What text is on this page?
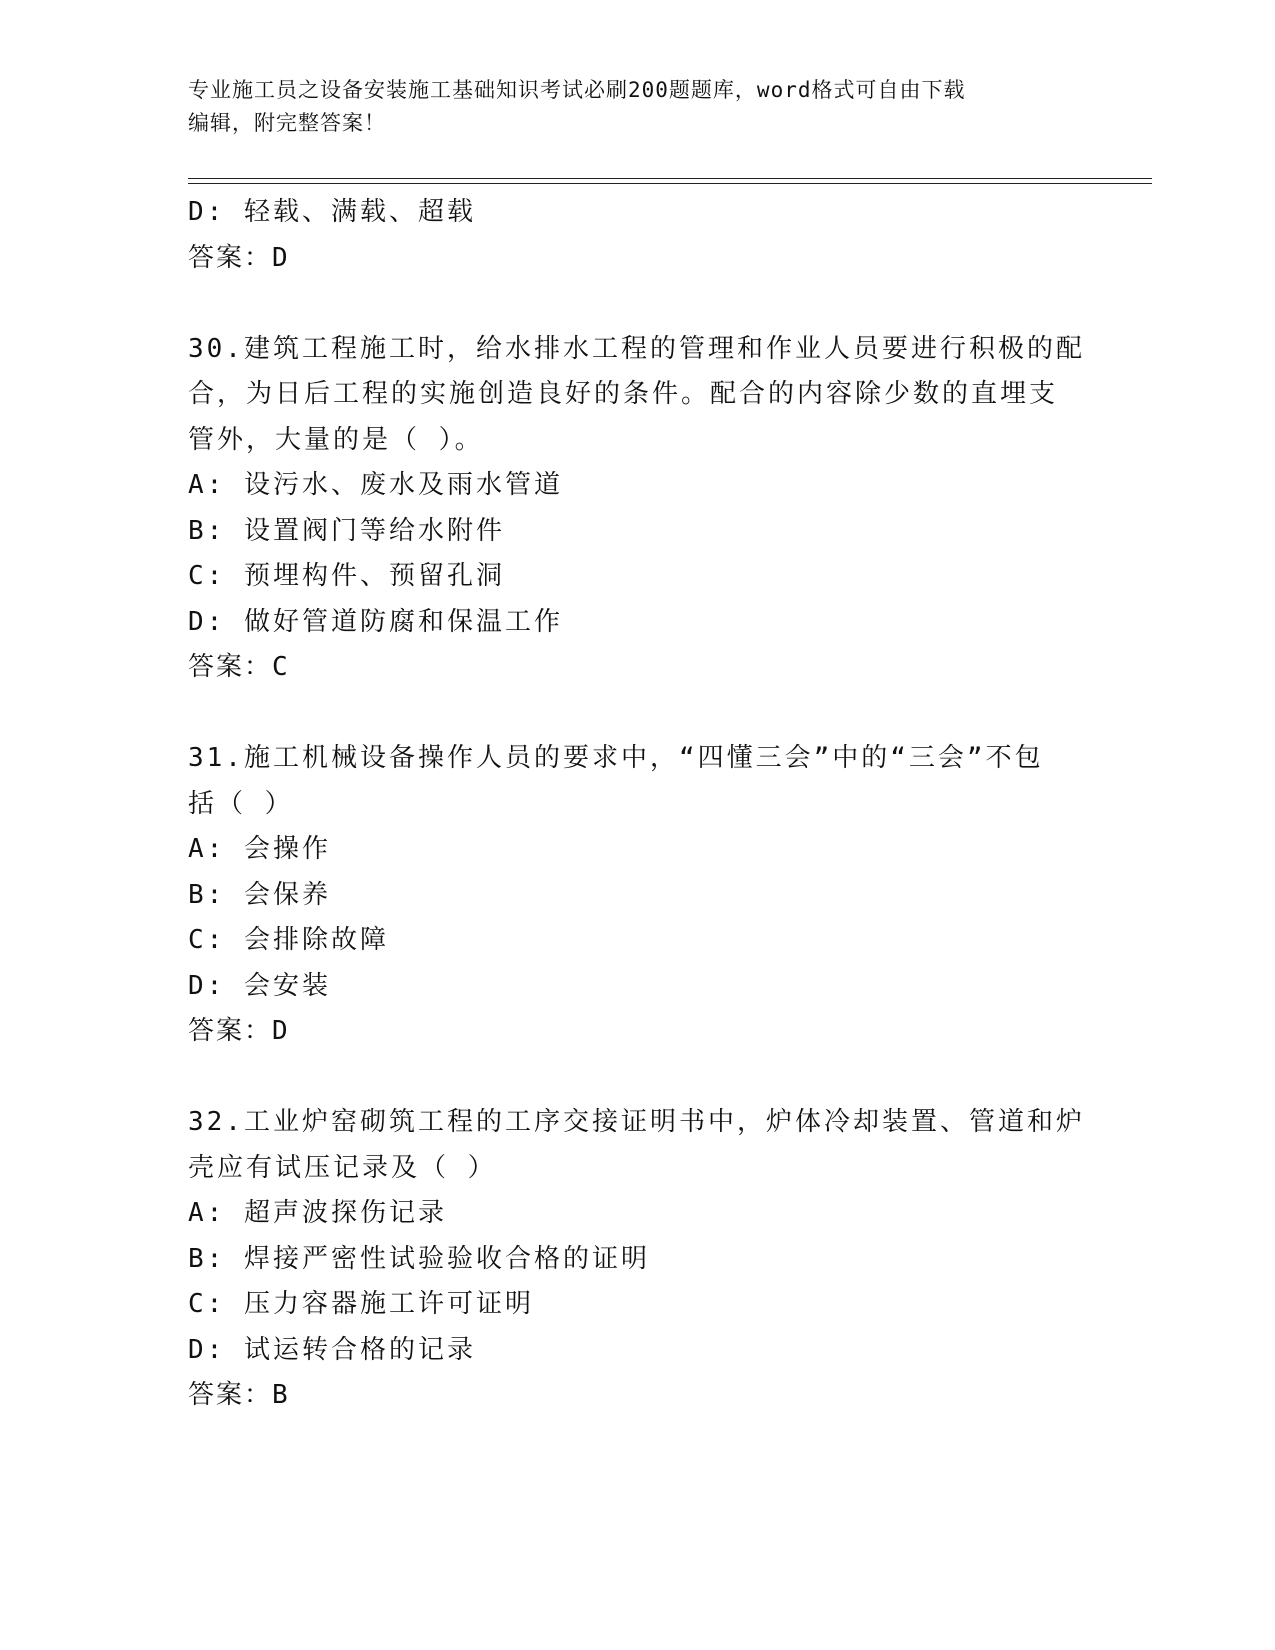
专业施工员之设备安装施工基础知识考试必刷200题题库，word格式可自由下载
编辑，附完整答案！
D: 轻载、满载、超载
答案：D
30.建筑工程施工时，给水排水工程的管理和作业人员要进行积极的配
合，为日后工程的实施创造良好的条件。配合的内容除少数的直埋支
管外，大量的是（ ）。
A: 设污水、废水及雨水管道
B: 设置阀门等给水附件
C: 预埋构件、预留孔洞
D: 做好管道防腐和保温工作
答案：C
31.施工机械设备操作人员的要求中，“四懂三会”中的“三会”不包
括（ ）
A: 会操作
B: 会保养
C: 会排除故障
D: 会安装
答案：D
32.工业炉窑砌筑工程的工序交接证明书中，炉体冷却装置、管道和炉
壳应有试压记录及（ ）
A: 超声波探伤记录
B: 焊接严密性试验验收合格的证明
C: 压力容器施工许可证明
D: 试运转合格的记录
答案：B
